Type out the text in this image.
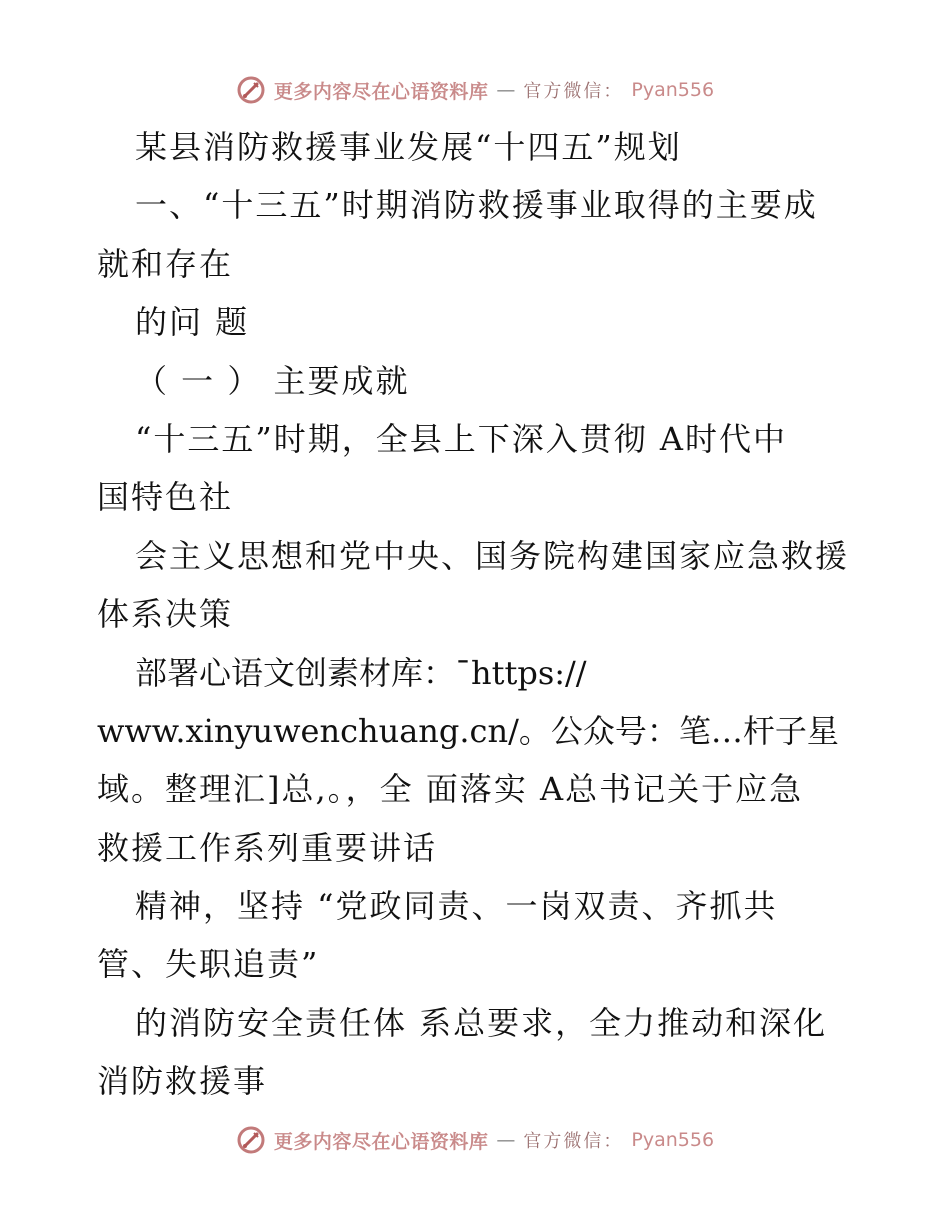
更多内容尽在心语资料库 — 官方微信： Pyan556
某县消防救援事业发展“十四五”规划
一、“十三五”时期消防救援事业取得的主要成
就和存在
的问 题
（ 一 ） 主要成就
“十三五”时期，全县上下深入贯彻 A时代中
国特色社
会主义思想和党中央、国务院构建国家应急救援
体系决策
部署心语文创素材库：¯https://
www.xinyuwenchuang.cn/。公众号：笔…杆子星
域。整理汇]总,。，全 面落实 A总书记关于应急
救援工作系列重要讲话
精神，坚持 “党政同责、一岗双责、齐抓共
管、失职追责”
的消防安全责任体 系总要求，全力推动和深化
消防救援事
更多内容尽在心语资料库 — 官方微信： Pyan556
